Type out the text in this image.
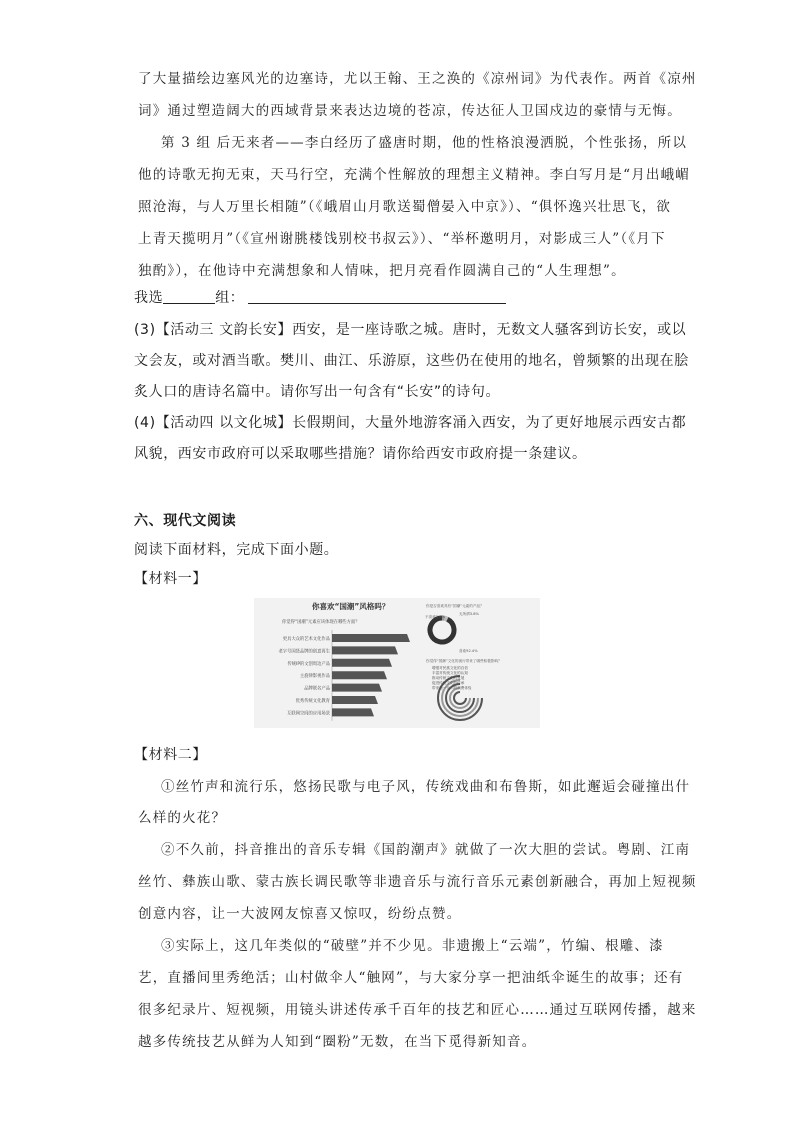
了大量描绘边塞风光的边塞诗，尤以王翰、王之涣的《凉州词》为代表作。两首《凉州
词》通过塑造阔大的西域背景来表达边境的苍凉，传达征人卫国戍边的豪情与无悔。
第 3 组 后无来者——李白经历了盛唐时期，他的性格浪漫洒脱，个性张扬，所以
他的诗歌无拘无束，天马行空，充满个性解放的理想主义精神。李白写月是“月出峨嵋
照沧海，与人万里长相随”（《峨眉山月歌送蜀僧晏入中京》）、“俱怀逸兴壮思飞，欲
上青天揽明月”（《宣州谢朓楼饯别校书叔云》）、“举杯邀明月，对影成三人”（《月下
独酌》），在他诗中充满想象和人情味，把月亮看作圆满自己的“人生理想”。
我选	组：
(3)【活动三 文韵长安】西安，是一座诗歌之城。唐时，无数文人骚客到访长安，或以
文会友，或对酒当歌。樊川、曲江、乐游原，这些仍在使用的地名，曾频繁的出现在脍
炙人口的唐诗名篇中。请你写出一句含有“长安”的诗句。
(4)【活动四 以文化城】长假期间，大量外地游客涌入西安，为了更好地展示西安古都
风貌，西安市政府可以采取哪些措施？请你给西安市政府提一条建议。
六、现代文阅读
阅读下面材料，完成下面小题。
【材料一】
你喜欢“国潮”风格吗？
你觉得“国潮”元素应该体现在哪些方面？
更具大众的艺术文化作品
老字号国货品牌的创意再生
传统IP的文创周边产品
主旋律影视作品
品牌联名产品
优秀传统文化教育
互联网空间的应用场景
你是否喜欢具有“国潮”元素的产品？
不喜欢3.6%
无所谓3.8%
喜欢92.4%
你觉得“国潮”文化的流行带来了哪些积极影响？
增强对民族文化的自信
丰富对传统文化的认知
推动传统文化的发展
促进传统文化的传承
带来独一无二的消费体验
【材料二】
①丝竹声和流行乐，悠扬民歌与电子风，传统戏曲和布鲁斯，如此邂逅会碰撞出什
么样的火花？
②不久前，抖音推出的音乐专辑《国韵潮声》就做了一次大胆的尝试。粤剧、江南
丝竹、彝族山歌、蒙古族长调民歌等非遗音乐与流行音乐元素创新融合，再加上短视频
创意内容，让一大波网友惊喜又惊叹，纷纷点赞。
③实际上，这几年类似的“破壁”并不少见。非遗搬上“云端”，竹编、根雕、漆
艺，直播间里秀绝活；山村做伞人“触网”，与大家分享一把油纸伞诞生的故事；还有
很多纪录片、短视频，用镜头讲述传承千百年的技艺和匠心……通过互联网传播，越来
越多传统技艺从鲜为人知到“圈粉”无数，在当下觅得新知音。
